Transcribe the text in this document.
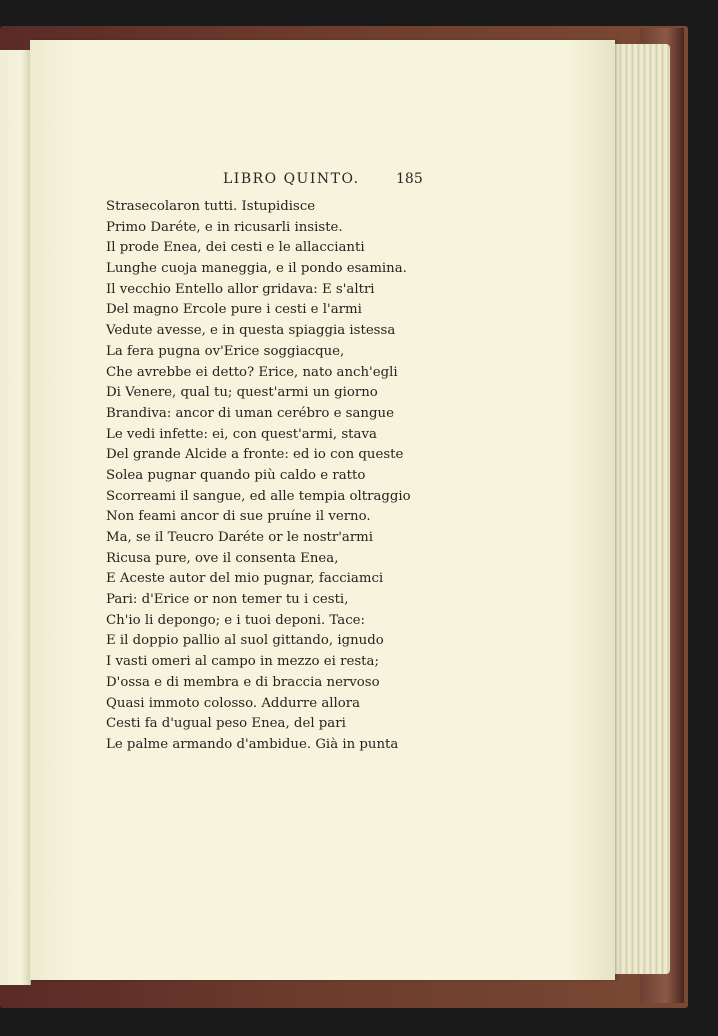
LIBRO QUINTO.	185
Strasecolaron tutti. Istupidisce
Primo Daréte, e in ricusarli insiste.
Il prode Enea, dei cesti e le allaccianti
Lunghe cuoja maneggia, e il pondo esamina.
Il vecchio Entello allor gridava: E s'altri
Del magno Ercole pure i cesti e l'armi
Vedute avesse, e in questa spiaggia istessa
La fera pugna ov'Erice soggiacque,
Che avrebbe ei detto? Erice, nato anch'egli
Di Venere, qual tu; quest'armi un giorno
Brandiva: ancor di uman cerébro e sangue
Le vedi infette: ei, con quest'armi, stava
Del grande Alcide a fronte: ed io con queste
Solea pugnar quando più caldo e ratto
Scorreami il sangue, ed alle tempia oltraggio
Non feami ancor di sue pruíne il verno.
Ma, se il Teucro Daréte or le nostr'armi
Ricusa pure, ove il consenta Enea,
E Aceste autor del mio pugnar, facciamci
Pari: d'Erice or non temer tu i cesti,
Ch'io li depongo; e i tuoi deponi. Tace:
E il doppio pallio al suol gittando, ignudo
I vasti omeri al campo in mezzo ei resta;
D'ossa e di membra e di braccia nervoso
Quasi immoto colosso. Addurre allora
Cesti fa d'ugual peso Enea, del pari
Le palme armando d'ambidue. Già in punta
